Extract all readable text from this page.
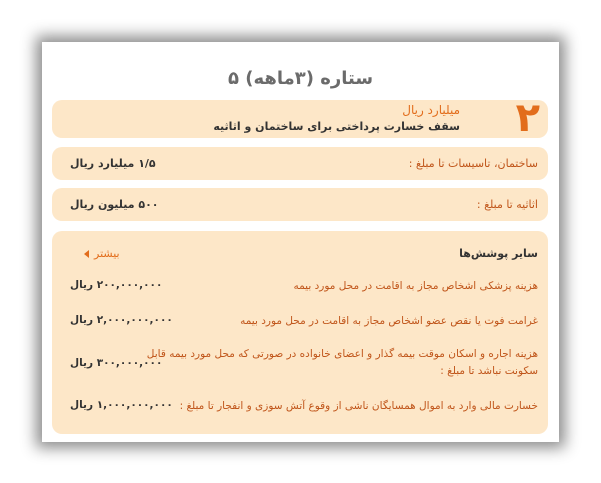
۵ ستاره (۳ماهه)
۲
میلیارد ریال
سقف خسارت پرداختی برای ساختمان و اثاثیه
ساختمان، تاسیسات تا مبلغ :
۱/۵ میلیارد ریال
اثاثیه تا مبلغ :
۵۰۰ میلیون ریال
سایر پوشش‌ها
بیشتر
هزینه پزشکی اشخاص مجاز به اقامت در محل مورد بیمه
۲۰۰,۰۰۰,۰۰۰ ریال
غرامت فوت یا نقص عضو اشخاص مجاز به اقامت در محل مورد بیمه
۲,۰۰۰,۰۰۰,۰۰۰ ریال
هزینه اجاره و اسکان موقت بیمه گذار و اعضای خانواده در صورتی که محل مورد بیمه قابل سکونت نباشد تا مبلغ :
۳۰۰,۰۰۰,۰۰۰ ریال
خسارت مالی وارد به اموال همسایگان ناشی از وقوع آتش سوزی و انفجار تا مبلغ :
۱,۰۰۰,۰۰۰,۰۰۰ ریال
